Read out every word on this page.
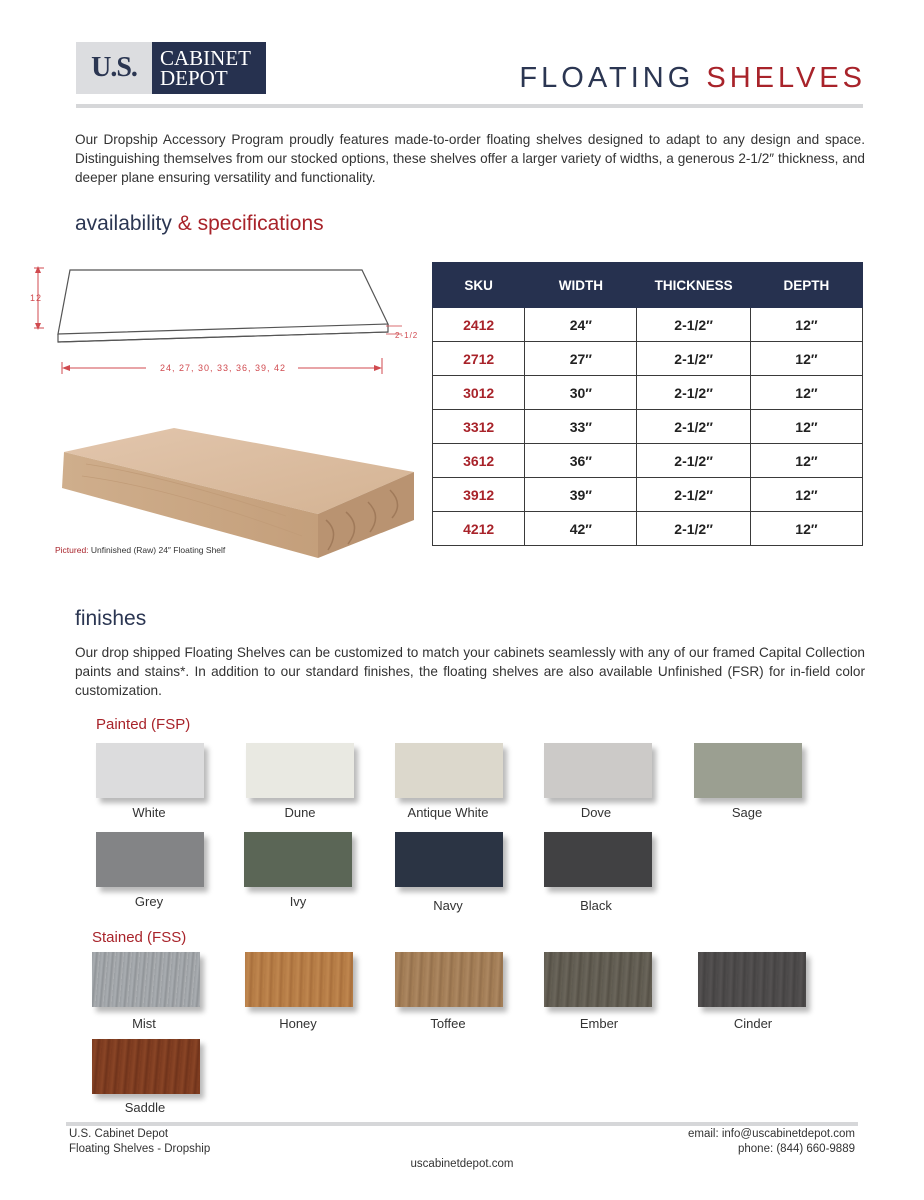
U.S. CABINET
DEPOT	FLOATING SHELVES
Our Dropship Accessory Program proudly features made-to-order floating shelves designed to adapt to any design and space. Distinguishing themselves from our stocked options, these shelves offer a larger variety of widths, a generous 2-1/2″ thickness, and deeper plane ensuring versatility and functionality.
availability & specifications
12
2-1/2
24, 27, 30, 33, 36, 39, 42
Pictured: Unfinished (Raw) 24″ Floating Shelf
SKU	WIDTH	THICKNESS	DEPTH
2412	24″	2-1/2″	12″
2712	27″	2-1/2″	12″
3012	30″	2-1/2″	12″
3312	33″	2-1/2″	12″
3612	36″	2-1/2″	12″
3912	39″	2-1/2″	12″
4212	42″	2-1/2″	12″
finishes
Our drop shipped Floating Shelves can be customized to match your cabinets seamlessly with any of our framed Capital Collection paints and stains*. In addition to our standard finishes, the floating shelves are also available Unfinished (FSR) for in-field color customization.
Painted (FSP)
White	Dune	Antique White	Dove	Sage
Grey	Ivy	Navy	Black
Stained (FSS)
Mist	Honey	Toffee	Ember	Cinder
Saddle
U.S. Cabinet Depot
Floating Shelves - Dropship
email: info@uscabinetdepot.com
phone: (844) 660-9889
uscabinetdepot.com
